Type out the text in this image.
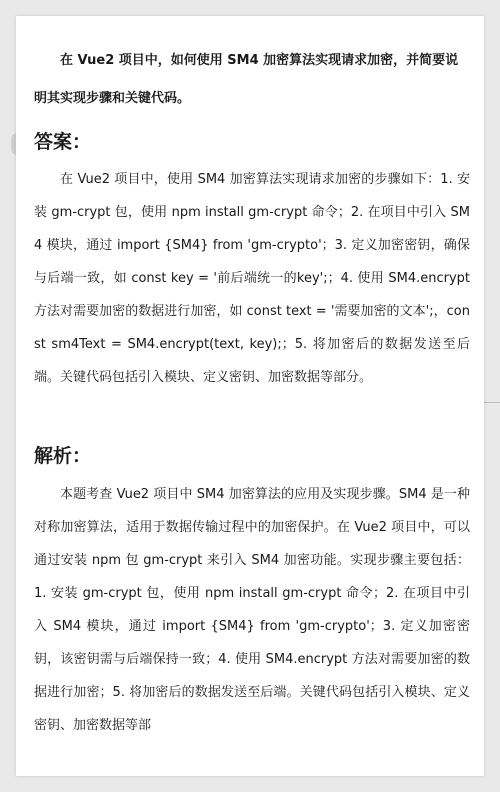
在 Vue2 项目中，如何使用 SM4 加密算法实现请求加密，并简要说明其实现步骤和关键代码。
答案：
在 Vue2 项目中，使用 SM4 加密算法实现请求加密的步骤如下：1. 安装 gm-crypt 包，使用 npm install gm-crypt 命令；2. 在项目中引入 SM4 模块，通过 import {SM4} from 'gm-crypto'；3. 定义加密密钥，确保与后端一致，如 const key = '前后端统一的key';；4. 使用 SM4.encrypt 方法对需要加密的数据进行加密，如 const text = '需要加密的文本';，const sm4Text = SM4.encrypt(text, key);；5. 将加密后的数据发送至后端。关键代码包括引入模块、定义密钥、加密数据等部分。
解析：
本题考查 Vue2 项目中 SM4 加密算法的应用及实现步骤。SM4 是一种对称加密算法，适用于数据传输过程中的加密保护。在 Vue2 项目中，可以通过安装 npm 包 gm-crypt 来引入 SM4 加密功能。实现步骤主要包括：1. 安装 gm-crypt 包，使用 npm install gm-crypt 命令；2. 在项目中引入 SM4 模块，通过 import {SM4} from 'gm-crypto'；3. 定义加密密钥，该密钥需与后端保持一致；4. 使用 SM4.encrypt 方法对需要加密的数据进行加密；5. 将加密后的数据发送至后端。关键代码包括引入模块、定义密钥、加密数据等部
